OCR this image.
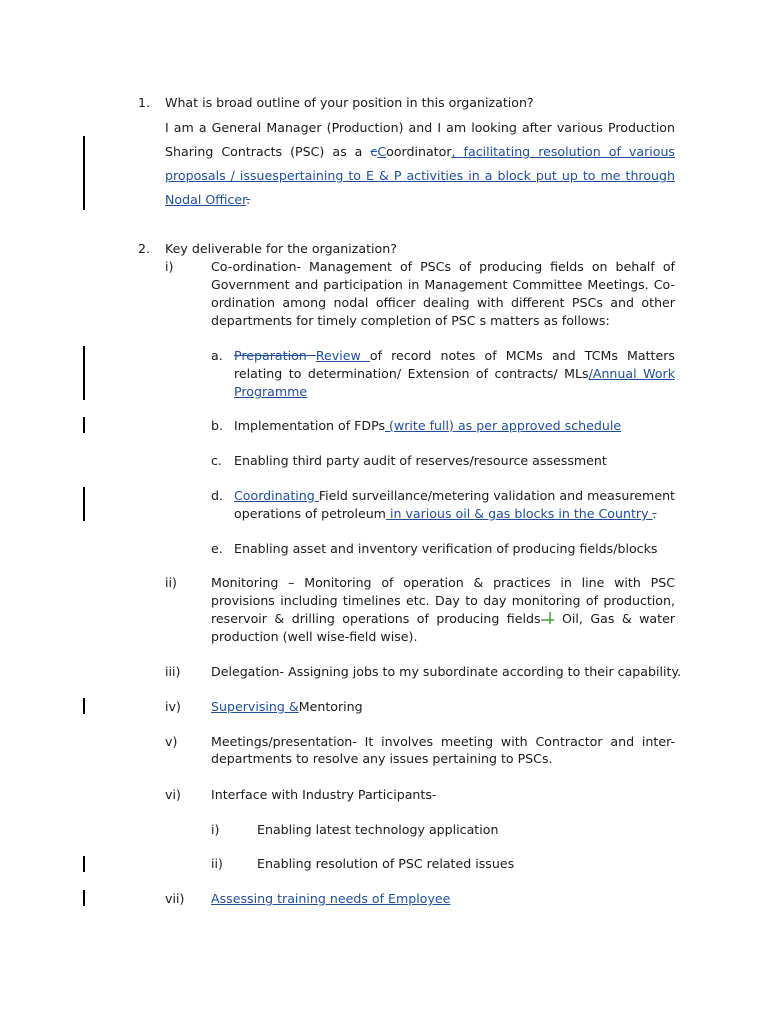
1. What is broad outline of your position in this organization?
I am a General Manager (Production) and I am looking after various Production
Sharing Contracts (PSC) as a cCoordinator, facilitating resolution of various
proposals / issuespertaining to E & P activities in a block put up to me through
Nodal Officer.
2. Key deliverable for the organization?
i)	Co-ordination- Management of PSCs of producing fields on behalf of
Government and participation in Management Committee Meetings. Co-
ordination among nodal officer dealing with different PSCs and other
departments for timely completion of PSC s matters as follows:
a. Preparation Review of record notes of MCMs and TCMs Matters
relating to determination/ Extension of contracts/ MLs/Annual Work
Programme
b. Implementation of FDPs (write full) as per approved schedule
c. Enabling third party audit of reserves/resource assessment
d. Coordinating Field surveillance/metering validation and measurement
operations of petroleum in various oil & gas blocks in the Country .
e. Enabling asset and inventory verification of producing fields/blocks
ii)	Monitoring – Monitoring of operation & practices in line with PSC
provisions including timelines etc. Day to day monitoring of production,
reservoir & drilling operations of producing fields Oil, Gas & water
production (well wise-field wise).
iii) Delegation- Assigning jobs to my subordinate according to their capability.
iv) Supervising &Mentoring
v)	Meetings/presentation- It involves meeting with Contractor and inter-
departments to resolve any issues pertaining to PSCs.
vi) Interface with Industry Participants-
i)	Enabling latest technology application
ii)	Enabling resolution of PSC related issues
vii) Assessing training needs of Employee
